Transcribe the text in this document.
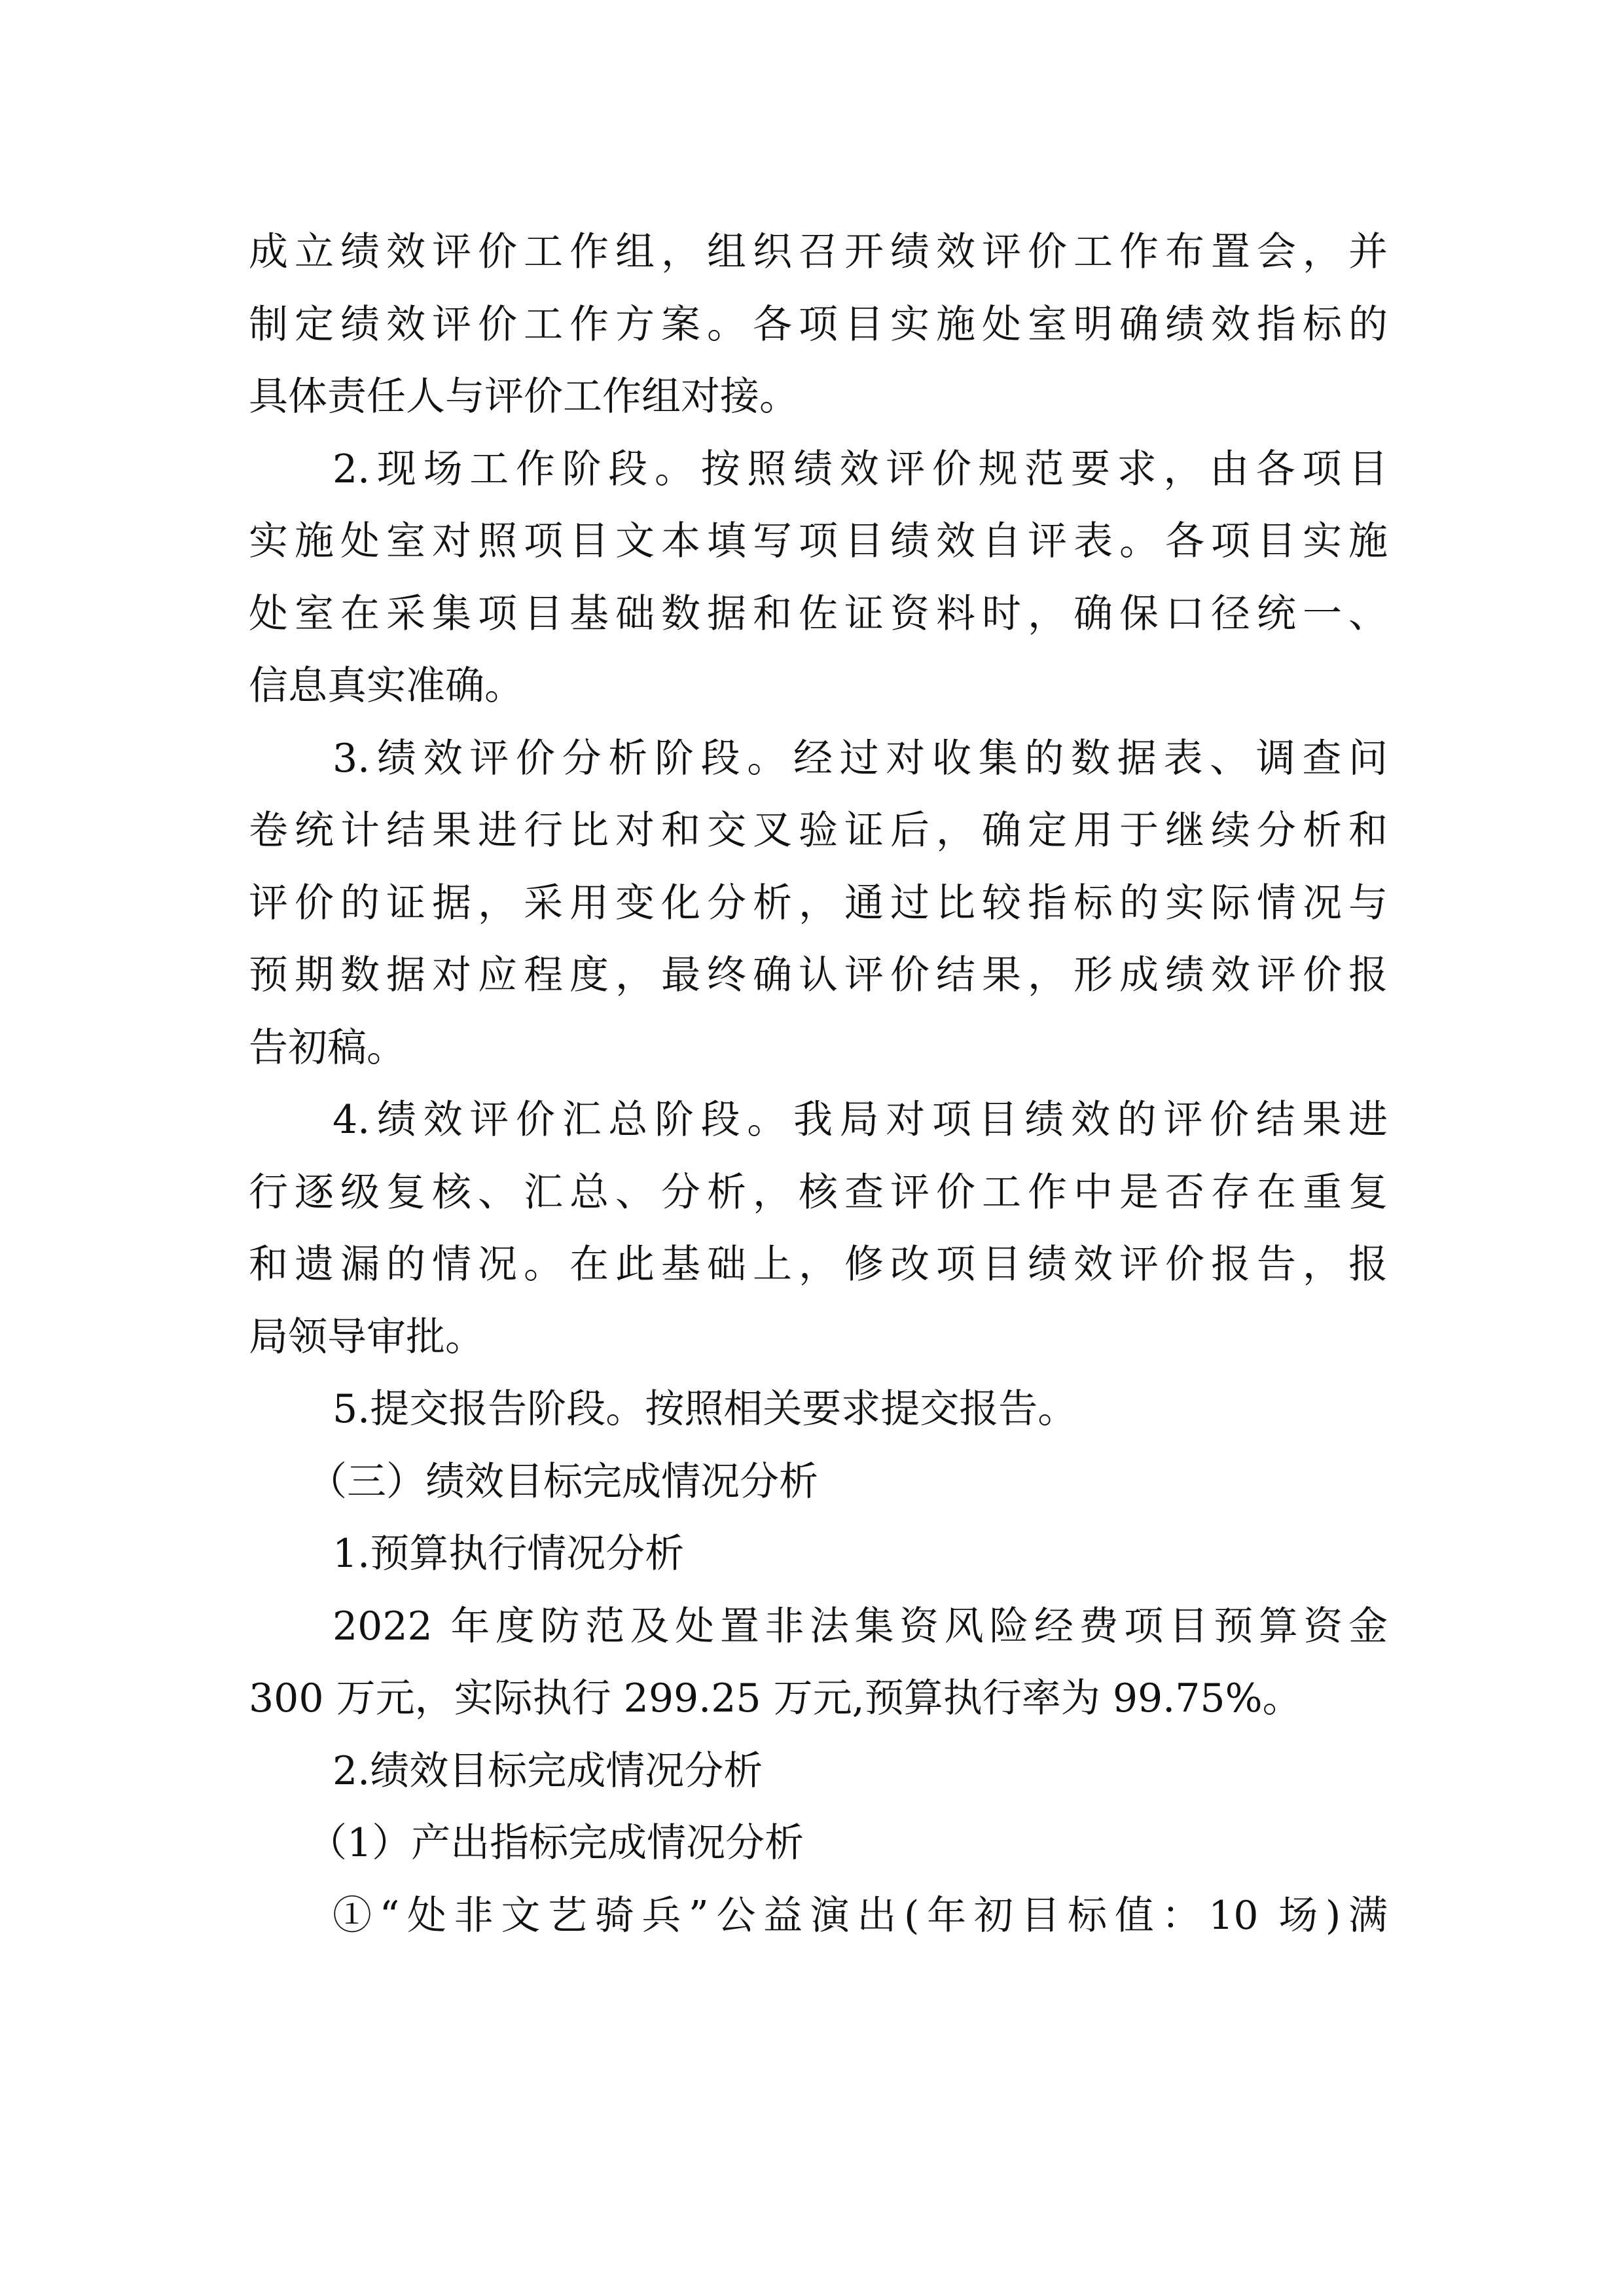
成立绩效评价工作组，组织召开绩效评价工作布置会，并
制定绩效评价工作方案。各项目实施处室明确绩效指标的
具体责任人与评价工作组对接。
2.现场工作阶段。按照绩效评价规范要求，由各项目
实施处室对照项目文本填写项目绩效自评表。各项目实施
处室在采集项目基础数据和佐证资料时，确保口径统一、
信息真实准确。
3.绩效评价分析阶段。经过对收集的数据表、调查问
卷统计结果进行比对和交叉验证后，确定用于继续分析和
评价的证据，采用变化分析，通过比较指标的实际情况与
预期数据对应程度，最终确认评价结果，形成绩效评价报
告初稿。
4.绩效评价汇总阶段。我局对项目绩效的评价结果进
行逐级复核、汇总、分析，核查评价工作中是否存在重复
和遗漏的情况。在此基础上，修改项目绩效评价报告，报
局领导审批。
5.提交报告阶段。按照相关要求提交报告。
（三）绩效目标完成情况分析
1.预算执行情况分析
2022 年度防范及处置非法集资风险经费项目预算资金
300 万元，实际执行 299.25 万元,预算执行率为 99.75%。
2.绩效目标完成情况分析
（1）产出指标完成情况分析
①“处非文艺骑兵”公益演出(年初目标值：10 场)满
